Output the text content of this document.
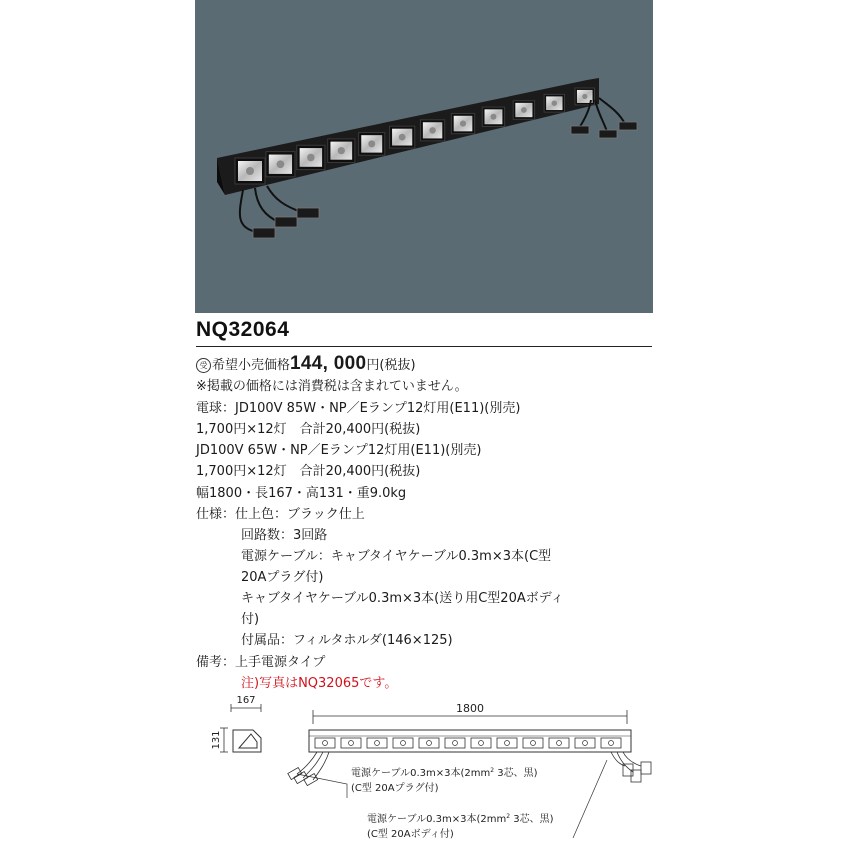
NQ32064
受 希望小売価格144, 000円(税抜)
※掲載の価格には消費税は含まれていません。
電球：JD100V 85W・NP／Eランプ12灯用(E11)(別売)
1,700円×12灯　合計20,400円(税抜)
JD100V 65W・NP／Eランプ12灯用(E11)(別売)
1,700円×12灯　合計20,400円(税抜)
幅1800・長167・高131・重9.0kg
仕様：仕上色：ブラック仕上
回路数：3回路
電源ケーブル：キャブタイヤケーブル0.3m×3本(C型
20Aプラグ付)
キャブタイヤケーブル0.3m×3本(送り用C型20Aボディ
付)
付属品：フィルタホルダ(146×125)
備考：上手電源タイプ
注)写真はNQ32065です。
167
131
1800
電源ケーブル0.3m×3本($2mm^2$ 3芯、黒)
(C型 20Aプラグ付)
電源ケーブル0.3m×3本($2mm^2$ 3芯、黒)
(C型 20Aボディ付)
